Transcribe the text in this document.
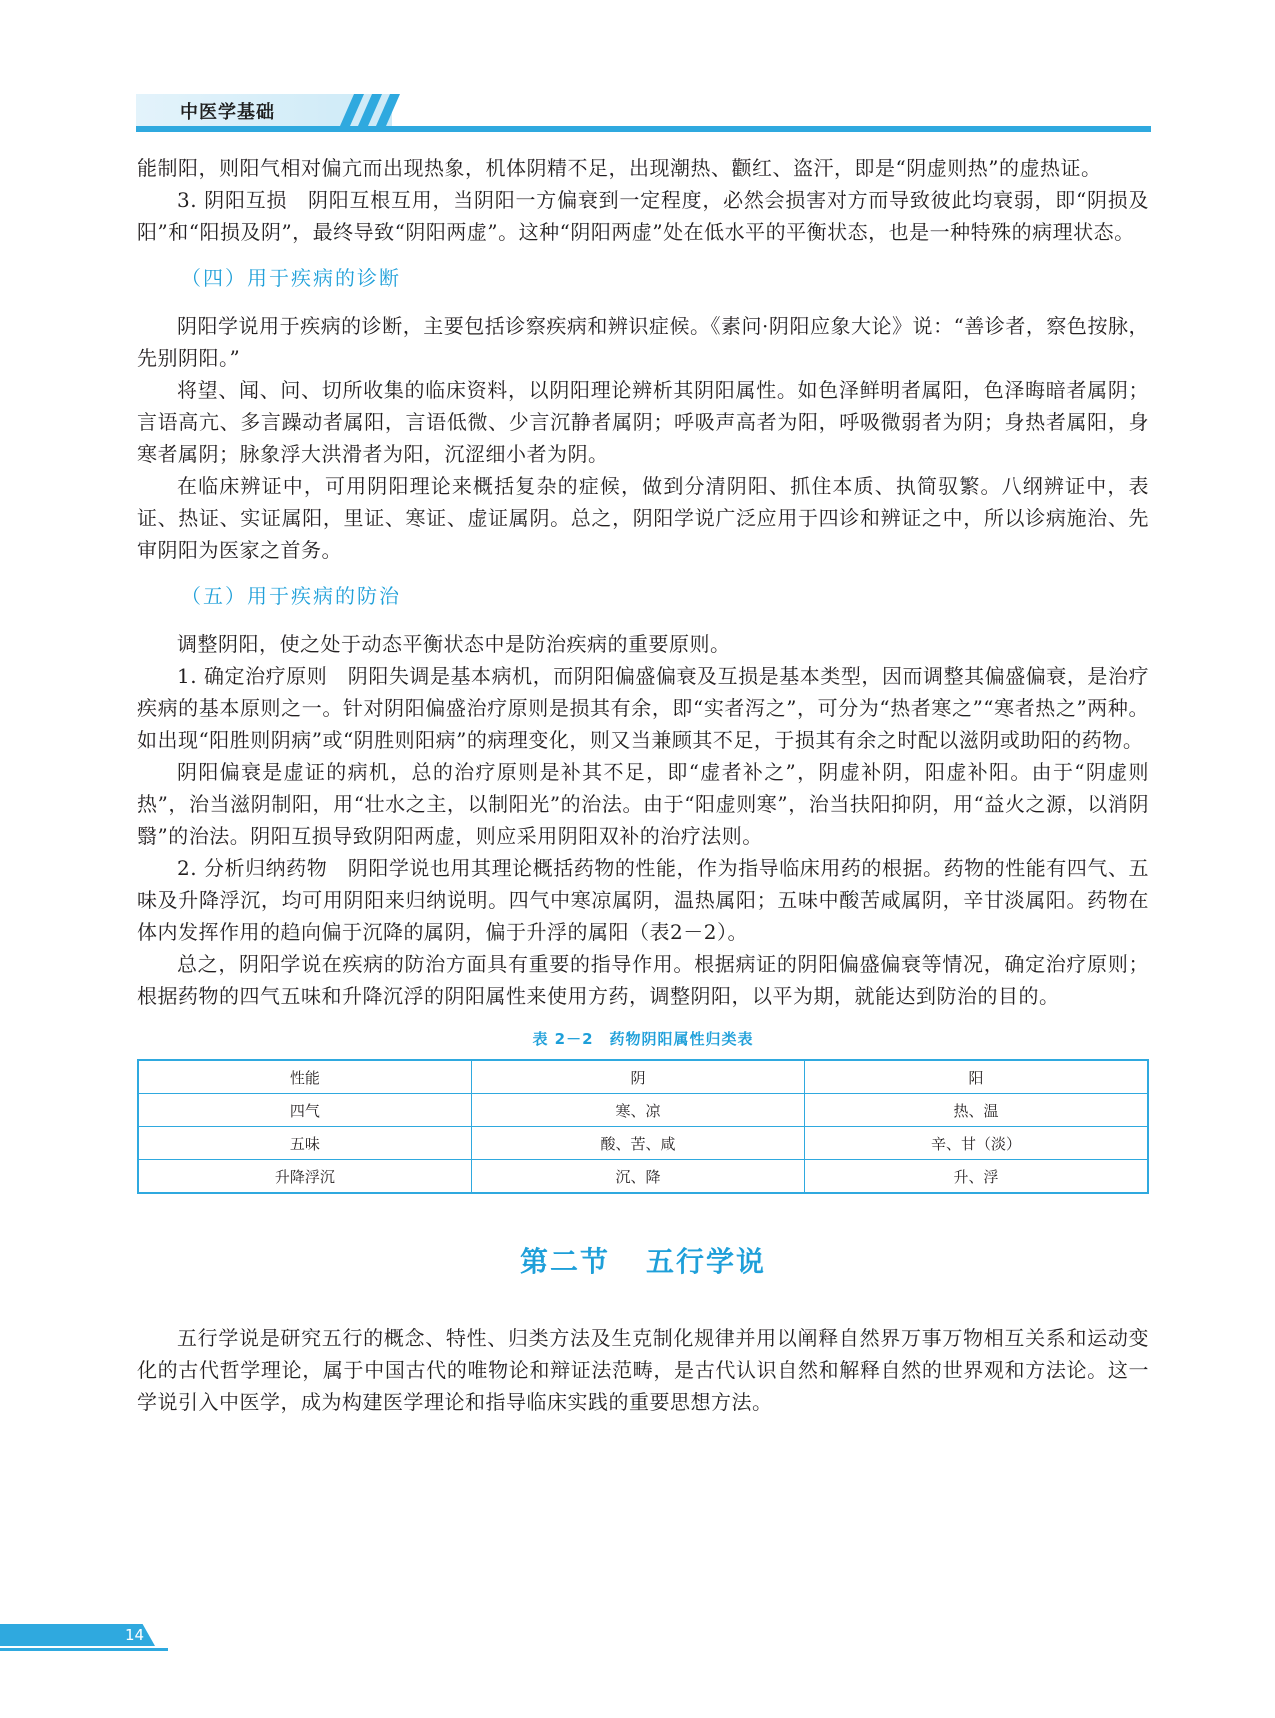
中医学基础

能制阳，则阳气相对偏亢而出现热象，机体阴精不足，出现潮热、颧红、盗汗，即是“阴虚则热”的虚热证。

3. 阴阳互损　阴阳互根互用，当阴阳一方偏衰到一定程度，必然会损害对方而导致彼此均衰弱，即“阴损及阳”和“阳损及阴”，最终导致“阴阳两虚”。这种“阴阳两虚”处在低水平的平衡状态，也是一种特殊的病理状态。

（四）用于疾病的诊断

阴阳学说用于疾病的诊断，主要包括诊察疾病和辨识症候。《素问·阴阳应象大论》说：“善诊者，察色按脉，先别阴阳。”

将望、闻、问、切所收集的临床资料，以阴阳理论辨析其阴阳属性。如色泽鲜明者属阳，色泽晦暗者属阴；言语高亢、多言躁动者属阳，言语低微、少言沉静者属阴；呼吸声高者为阳，呼吸微弱者为阴；身热者属阳，身寒者属阴；脉象浮大洪滑者为阳，沉涩细小者为阴。

在临床辨证中，可用阴阳理论来概括复杂的症候，做到分清阴阳、抓住本质、执简驭繁。八纲辨证中，表证、热证、实证属阳，里证、寒证、虚证属阴。总之，阴阳学说广泛应用于四诊和辨证之中，所以诊病施治、先审阴阳为医家之首务。

（五）用于疾病的防治

调整阴阳，使之处于动态平衡状态中是防治疾病的重要原则。

1. 确定治疗原则　阴阳失调是基本病机，而阴阳偏盛偏衰及互损是基本类型，因而调整其偏盛偏衰，是治疗疾病的基本原则之一。针对阴阳偏盛治疗原则是损其有余，即“实者泻之”，可分为“热者寒之”“寒者热之”两种。如出现“阳胜则阴病”或“阴胜则阳病”的病理变化，则又当兼顾其不足，于损其有余之时配以滋阴或助阳的药物。

阴阳偏衰是虚证的病机，总的治疗原则是补其不足，即“虚者补之”，阴虚补阴，阳虚补阳。由于“阴虚则热”，治当滋阴制阳，用“壮水之主，以制阳光”的治法。由于“阳虚则寒”，治当扶阳抑阴，用“益火之源，以消阴翳”的治法。阴阳互损导致阴阳两虚，则应采用阴阳双补的治疗法则。

2. 分析归纳药物　阴阳学说也用其理论概括药物的性能，作为指导临床用药的根据。药物的性能有四气、五味及升降浮沉，均可用阴阳来归纳说明。四气中寒凉属阴，温热属阳；五味中酸苦咸属阴，辛甘淡属阳。药物在体内发挥作用的趋向偏于沉降的属阴，偏于升浮的属阳（表2－2）。

总之，阴阳学说在疾病的防治方面具有重要的指导作用。根据病证的阴阳偏盛偏衰等情况，确定治疗原则；根据药物的四气五味和升降沉浮的阴阳属性来使用方药，调整阴阳，以平为期，就能达到防治的目的。

表 2－2　药物阴阳属性归类表
性能	阴	阳
四气	寒、凉	热、温
五味	酸、苦、咸	辛、甘（淡）
升降浮沉	沉、降	升、浮
第二节 五行学说

五行学说是研究五行的概念、特性、归类方法及生克制化规律并用以阐释自然界万事万物相互关系和运动变化的古代哲学理论，属于中国古代的唯物论和辩证法范畴，是古代认识自然和解释自然的世界观和方法论。这一学说引入中医学，成为构建医学理论和指导临床实践的重要思想方法。

14
